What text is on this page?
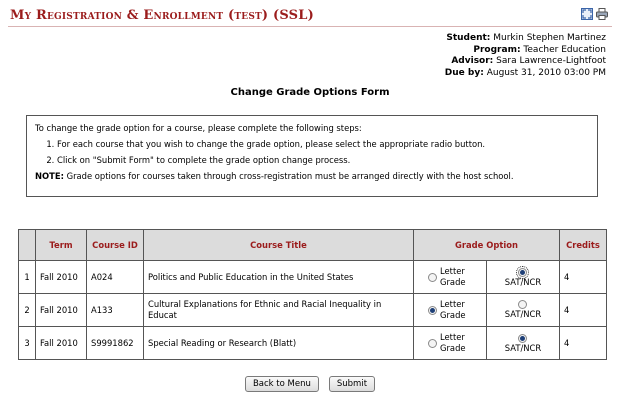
My Registration & Enrollment (test) (SSL)
Student: Murkin Stephen Martinez
Program: Teacher Education
Advisor: Sara Lawrence-Lightfoot
Due by: August 31, 2010 03:00 PM
Change Grade Options Form
To change the grade option for a course, please complete the following steps:
1. For each course that you wish to change the grade option, please select the appropriate radio button.
2. Click on "Submit Form" to complete the grade option change process.
NOTE: Grade options for courses taken through cross-registration must be arranged directly with the host school.
	Term	Course ID	Course Title	Grade Option		Credits
1	Fall 2010	A024	Politics and Public Education in the United States	Letter Grade	SAT/NCR	4
2	Fall 2010	A133	Cultural Explanations for Ethnic and Racial Inequality in Educat	Letter Grade	SAT/NCR	4
3	Fall 2010	S9991862	Special Reading or Research (Blatt)	Letter Grade	SAT/NCR	4
Back to Menu	Submit
